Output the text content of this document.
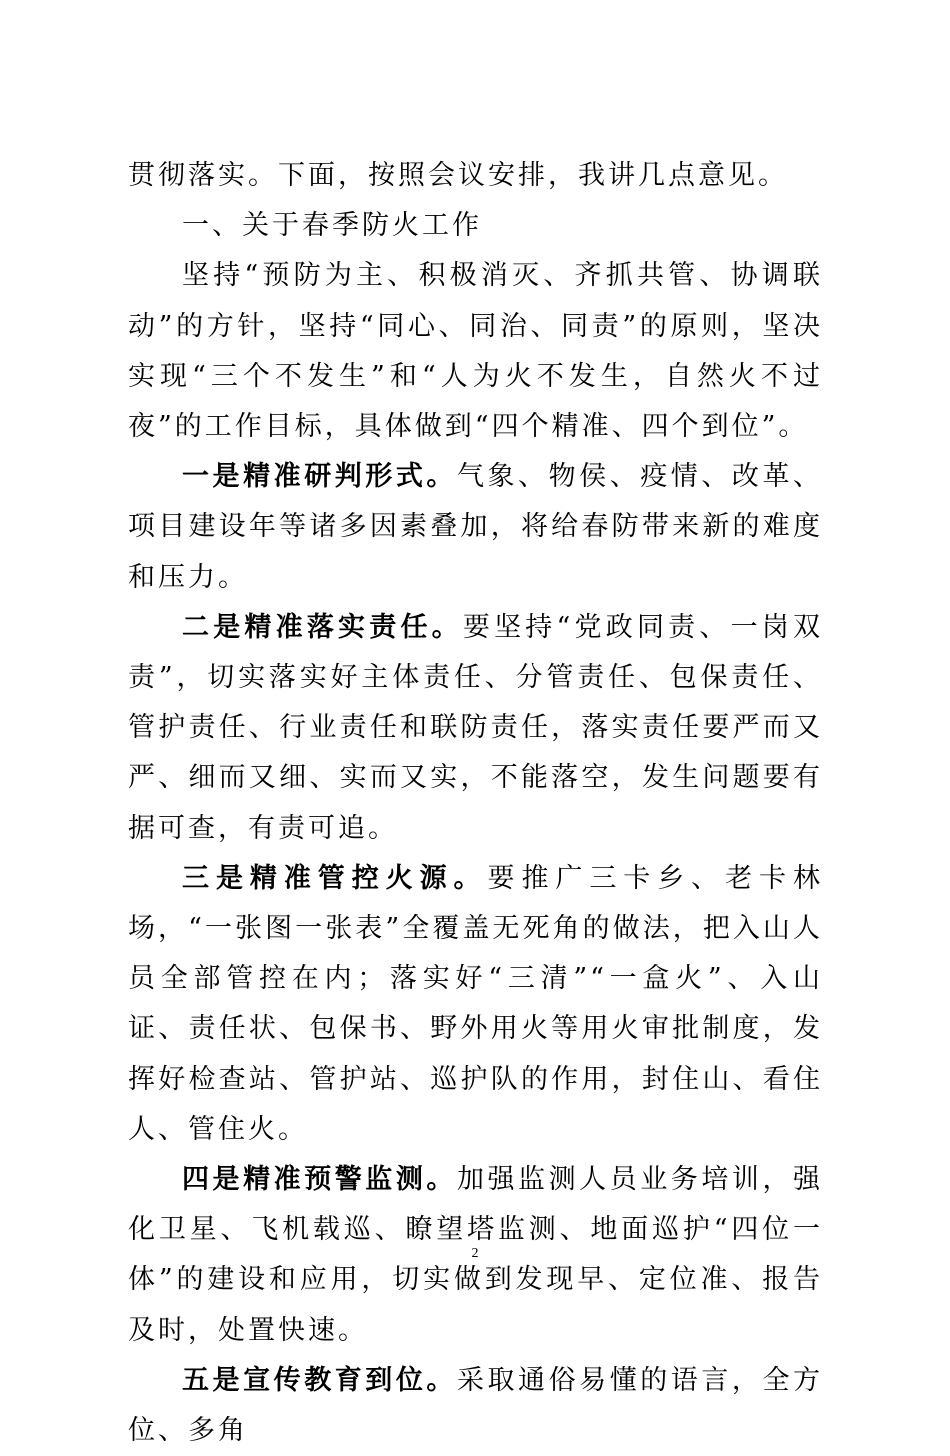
贯彻落实。下面，按照会议安排，我讲几点意见。

一、关于春季防火工作

坚持“预防为主、积极消灭、齐抓共管、协调联动”的方针，坚持“同心、同治、同责”的原则，坚决实现“三个不发生”和“人为火不发生，自然火不过夜”的工作目标，具体做到“四个精准、四个到位”。

一是精准研判形式。气象、物侯、疫情、改革、项目建设年等诸多因素叠加，将给春防带来新的难度和压力。

二是精准落实责任。要坚持“党政同责、一岗双责”，切实落实好主体责任、分管责任、包保责任、管护责任、行业责任和联防责任，落实责任要严而又严、细而又细、实而又实，不能落空，发生问题要有据可查，有责可追。

三是精准管控火源。要推广三卡乡、老卡林场，“一张图一张表”全覆盖无死角的做法，把入山人员全部管控在内；落实好“三清”“一盒火”、入山证、责任状、包保书、野外用火等用火审批制度，发挥好检查站、管护站、巡护队的作用，封住山、看住人、管住火。

四是精准预警监测。加强监测人员业务培训，强化卫星、飞机载巡、瞭望塔监测、地面巡护“四位一体”的建设和应用，切实做到发现早、定位准、报告及时，处置快速。

五是宣传教育到位。采取通俗易懂的语言，全方位、多角

2
